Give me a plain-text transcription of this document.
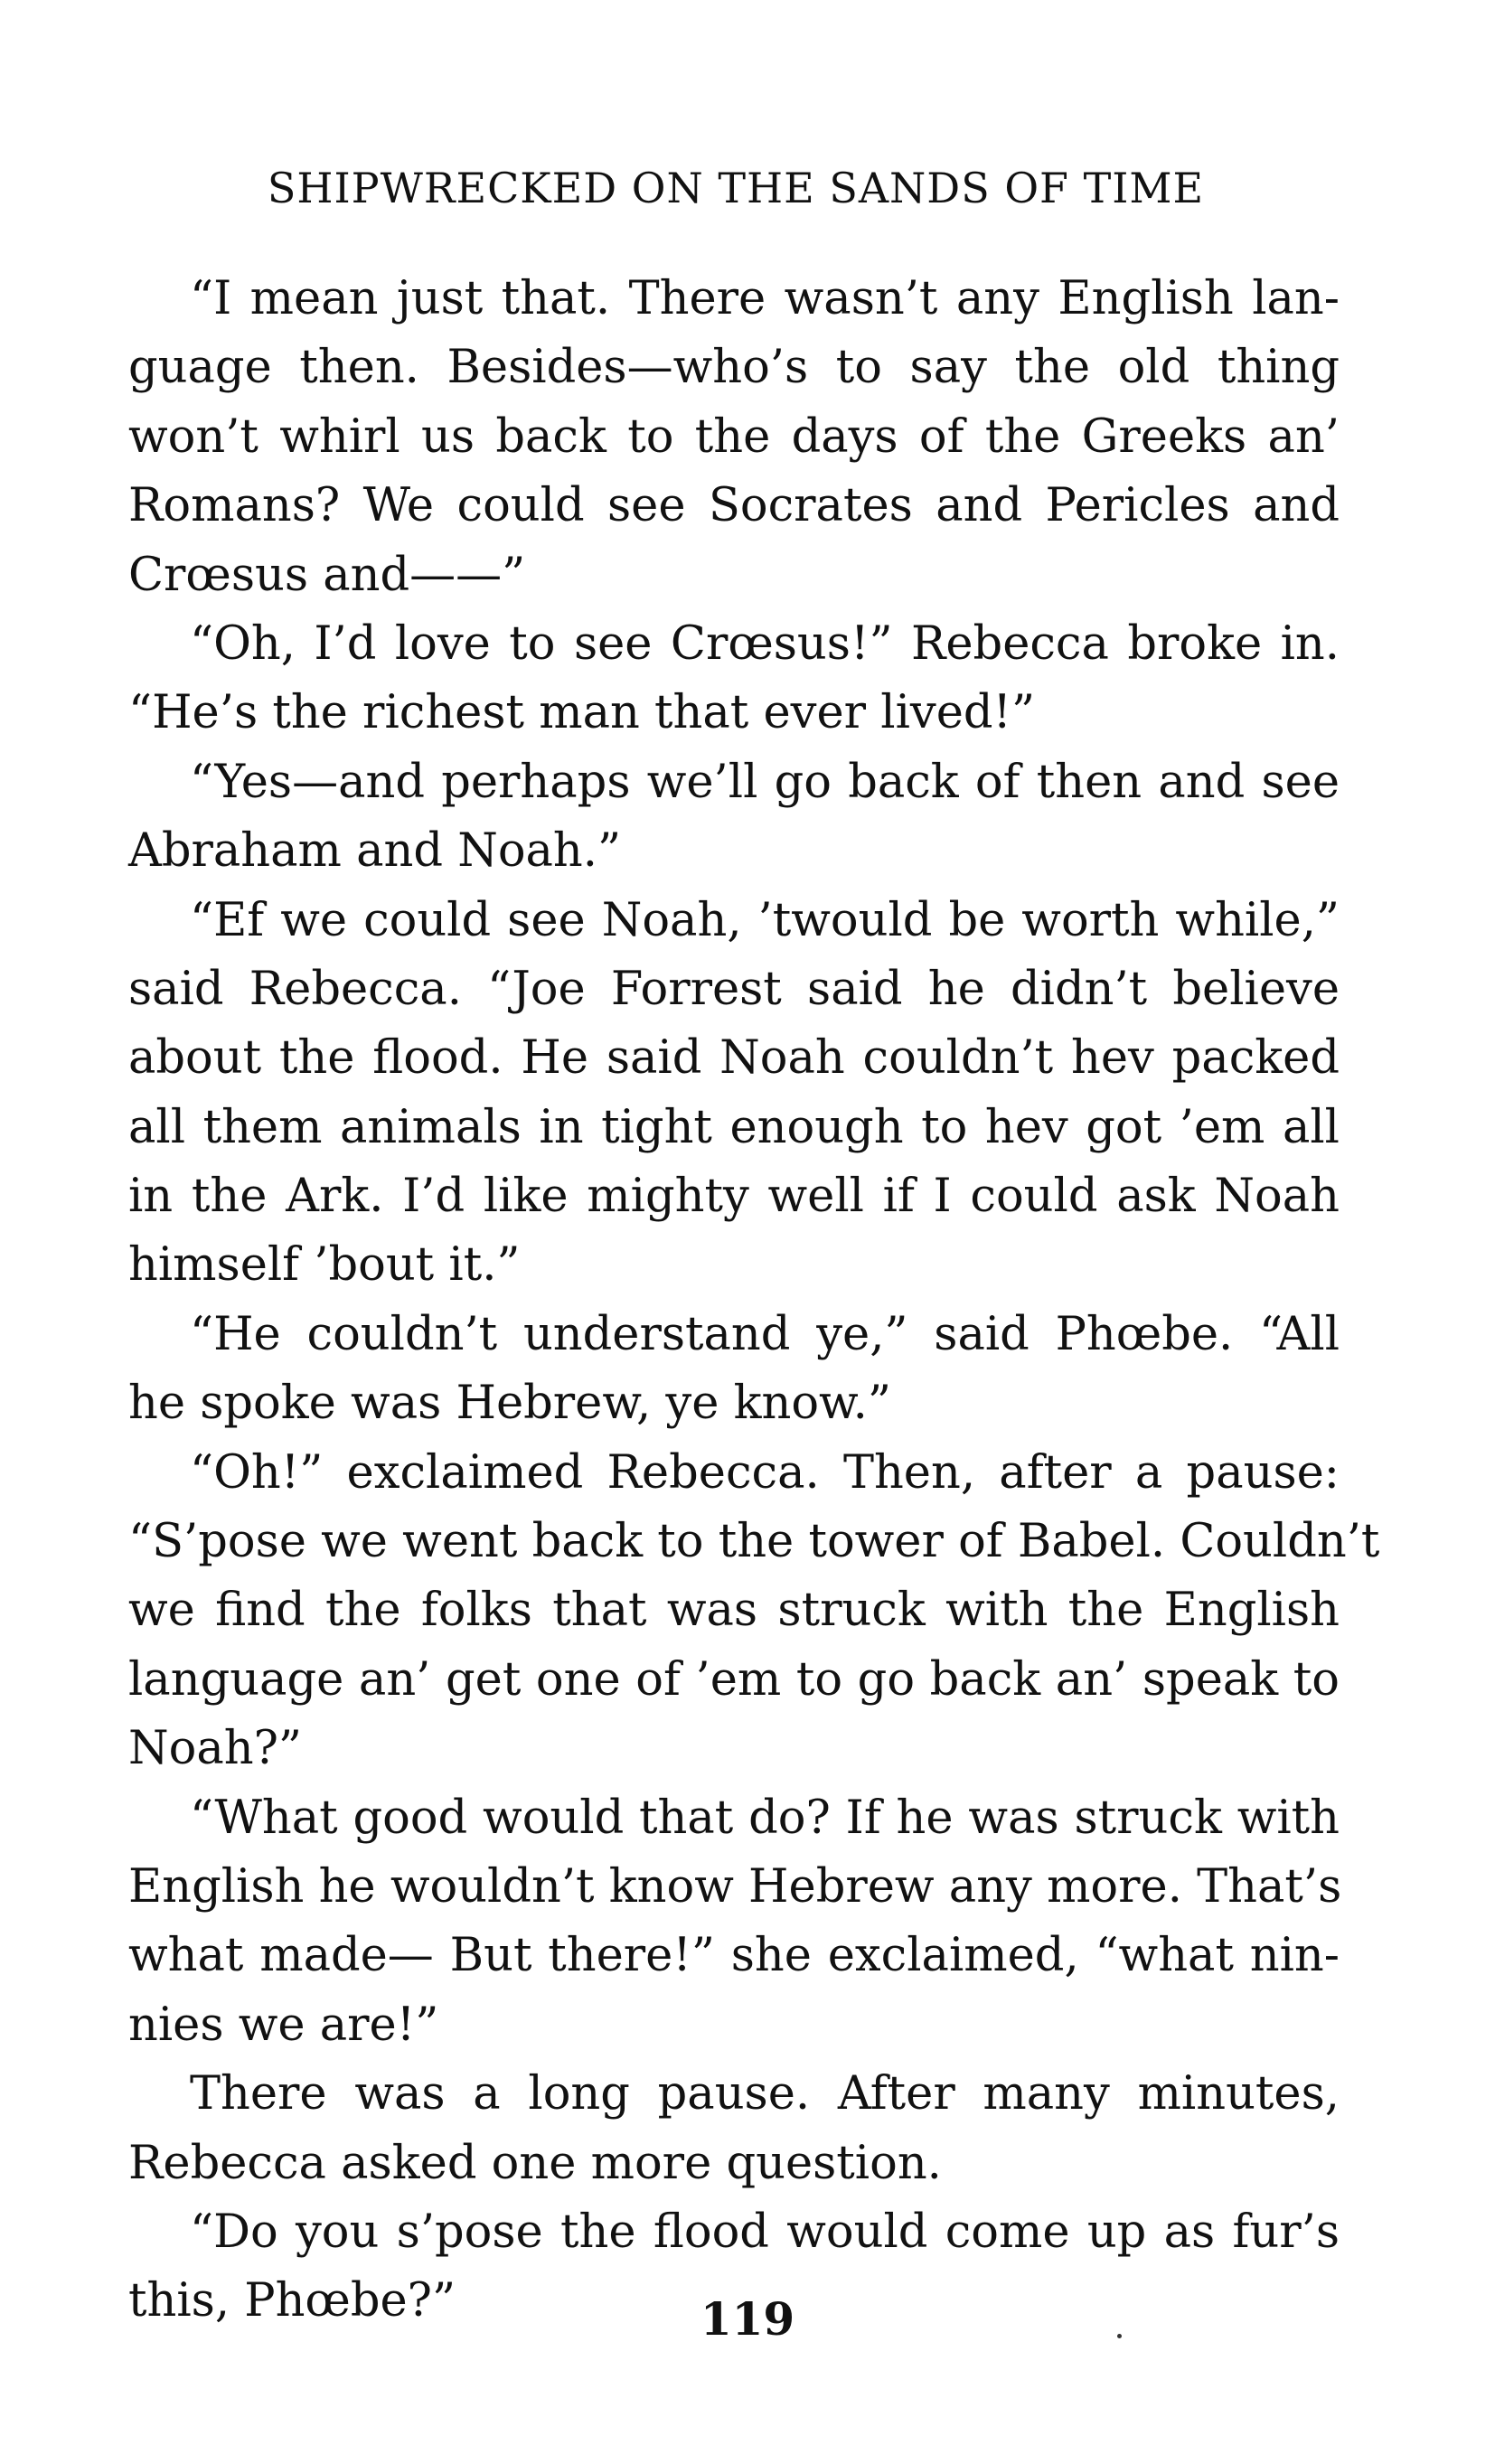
SHIPWRECKED ON THE SANDS OF TIME
“I mean just that. There wasn’t any English lan-
guage then. Besides—who’s to say the old thing
won’t whirl us back to the days of the Greeks an’
Romans? We could see Socrates and Pericles and
Crœsus and——”
“Oh, I’d love to see Crœsus!” Rebecca broke in.
“He’s the richest man that ever lived!”
“Yes—and perhaps we’ll go back of then and see
Abraham and Noah.”
“Ef we could see Noah, ’twould be worth while,”
said Rebecca. “Joe Forrest said he didn’t believe
about the flood. He said Noah couldn’t hev packed
all them animals in tight enough to hev got ’em all
in the Ark. I’d like mighty well if I could ask Noah
himself ’bout it.”
“He couldn’t understand ye,” said Phœbe. “All
he spoke was Hebrew, ye know.”
“Oh!” exclaimed Rebecca. Then, after a pause:
“S’pose we went back to the tower of Babel. Couldn’t
we find the folks that was struck with the English
language an’ get one of ’em to go back an’ speak to
Noah?”
“What good would that do? If he was struck with
English he wouldn’t know Hebrew any more. That’s
what made— But there!” she exclaimed, “what nin-
nies we are!”
There was a long pause. After many minutes,
Rebecca asked one more question.
“Do you s’pose the flood would come up as fur’s
this, Phœbe?”	119
